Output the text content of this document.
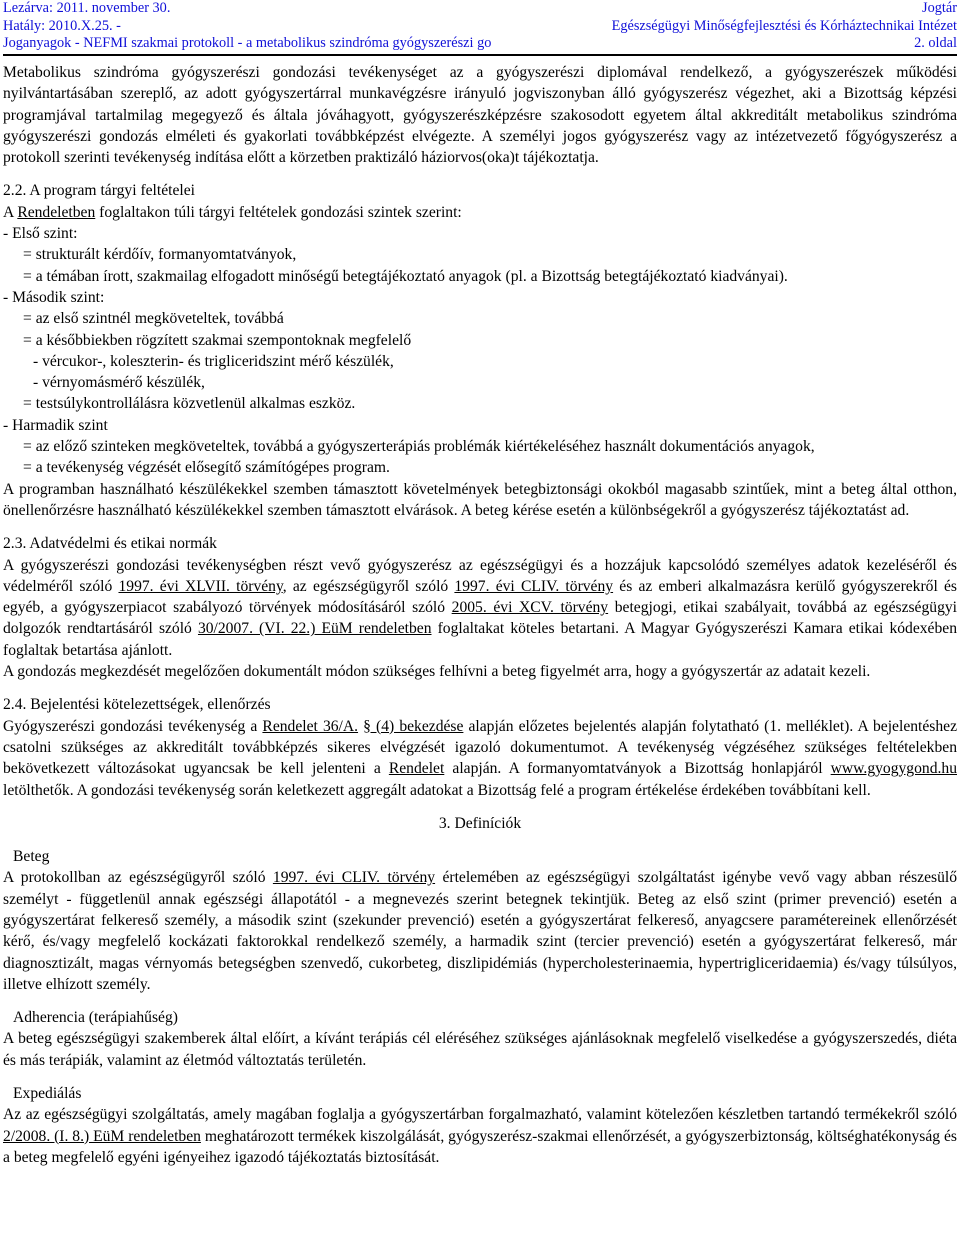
Lezárva: 2011. november 30.
Hatály: 2010.X.25. -
Joganyagok - NEFMI szakmai protokoll - a metabolikus szindróma gyógyszerészi go
Jogtár
Egészségügyi Minőségfejlesztési és Kórháztechnikai Intézet
2. oldal

Metabolikus szindróma gyógyszerészi gondozási tevékenységet az a gyógyszerészi diplomával rendelkező, a gyógyszerészek működési nyilvántartásában szereplő, az adott gyógyszertárral munkavégzésre irányuló jogviszonyban álló gyógyszerész végezhet, aki a Bizottság képzési programjával tartalmilag megegyező és általa jóváhagyott, gyógyszerészképzésre szakosodott egyetem által akkreditált metabolikus szindróma gyógyszerészi gondozás elméleti és gyakorlati továbbképzést elvégezte. A személyi jogos gyógyszerész vagy az intézetvezető főgyógyszerész a protokoll szerinti tevékenység indítása előtt a körzetben praktizáló háziorvos(oka)t tájékoztatja.

2.2. A program tárgyi feltételei

A Rendeletben foglaltakon túli tárgyi feltételek gondozási szintek szerint:

- Első szint:

= strukturált kérdőív, formanyomtatványok,

= a témában írott, szakmailag elfogadott minőségű betegtájékoztató anyagok (pl. a Bizottság betegtájékoztató kiadványai).

- Második szint:

= az első szintnél megköveteltek, továbbá

= a későbbiekben rögzített szakmai szempontoknak megfelelő

- vércukor-, koleszterin- és trigliceridszint mérő készülék,

- vérnyomásmérő készülék,

= testsúlykontrollálásra közvetlenül alkalmas eszköz.

- Harmadik szint

= az előző szinteken megköveteltek, továbbá a gyógyszerterápiás problémák kiértékeléséhez használt dokumentációs anyagok,

= a tevékenység végzését elősegítő számítógépes program.

A programban használható készülékekkel szemben támasztott követelmények betegbiztonsági okokból magasabb szintűek, mint a beteg által otthon, önellenőrzésre használható készülékekkel szemben támasztott elvárások. A beteg kérése esetén a különbségekről a gyógyszerész tájékoztatást ad.

2.3. Adatvédelmi és etikai normák

A gyógyszerészi gondozási tevékenységben részt vevő gyógyszerész az egészségügyi és a hozzájuk kapcsolódó személyes adatok kezeléséről és védelméről szóló 1997. évi XLVII. törvény, az egészségügyről szóló 1997. évi CLIV. törvény és az emberi alkalmazásra kerülő gyógyszerekről és egyéb, a gyógyszerpiacot szabályozó törvények módosításáról szóló 2005. évi XCV. törvény betegjogi, etikai szabályait, továbbá az egészségügyi dolgozók rendtartásáról szóló 30/2007. (VI. 22.) EüM rendeletben foglaltakat köteles betartani. A Magyar Gyógyszerészi Kamara etikai kódexében foglaltak betartása ajánlott.

A gondozás megkezdését megelőzően dokumentált módon szükséges felhívni a beteg figyelmét arra, hogy a gyógyszertár az adatait kezeli.

2.4. Bejelentési kötelezettségek, ellenőrzés

Gyógyszerészi gondozási tevékenység a Rendelet 36/A. § (4) bekezdése alapján előzetes bejelentés alapján folytatható (1. melléklet). A bejelentéshez csatolni szükséges az akkreditált továbbképzés sikeres elvégzését igazoló dokumentumot. A tevékenység végzéséhez szükséges feltételekben bekövetkezett változásokat ugyancsak be kell jelenteni a Rendelet alapján. A formanyomtatványok a Bizottság honlapjáról www.gyogygond.hu letölthetők. A gondozási tevékenység során keletkezett aggregált adatokat a Bizottság felé a program értékelése érdekében továbbítani kell.

3. Definíciók

Beteg

A protokollban az egészségügyről szóló 1997. évi CLIV. törvény értelemében az egészségügyi szolgáltatást igénybe vevő vagy abban részesülő személyt - függetlenül annak egészségi állapotától - a megnevezés szerint betegnek tekintjük. Beteg az első szint (primer prevenció) esetén a gyógyszertárat felkereső személy, a második szint (szekunder prevenció) esetén a gyógyszertárat felkereső, anyagcsere paramétereinek ellenőrzését kérő, és/vagy megfelelő kockázati faktorokkal rendelkező személy, a harmadik szint (tercier prevenció) esetén a gyógyszertárat felkereső, már diagnosztizált, magas vérnyomás betegségben szenvedő, cukorbeteg, diszlipidémiás (hypercholesterinaemia, hypertrigliceridaemia) és/vagy túlsúlyos, illetve elhízott személy.

Adherencia (terápiahűség)

A beteg egészségügyi szakemberek által előírt, a kívánt terápiás cél eléréséhez szükséges ajánlásoknak megfelelő viselkedése a gyógyszerszedés, diéta és más terápiák, valamint az életmód változtatás területén.

Expediálás

Az az egészségügyi szolgáltatás, amely magában foglalja a gyógyszertárban forgalmazható, valamint kötelezően készletben tartandó termékekről szóló 2/2008. (I. 8.) EüM rendeletben meghatározott termékek kiszolgálását, gyógyszerész-szakmai ellenőrzését, a gyógyszerbiztonság, költséghatékonyság és a beteg megfelelő egyéni igényeihez igazodó tájékoztatás biztosítását.
